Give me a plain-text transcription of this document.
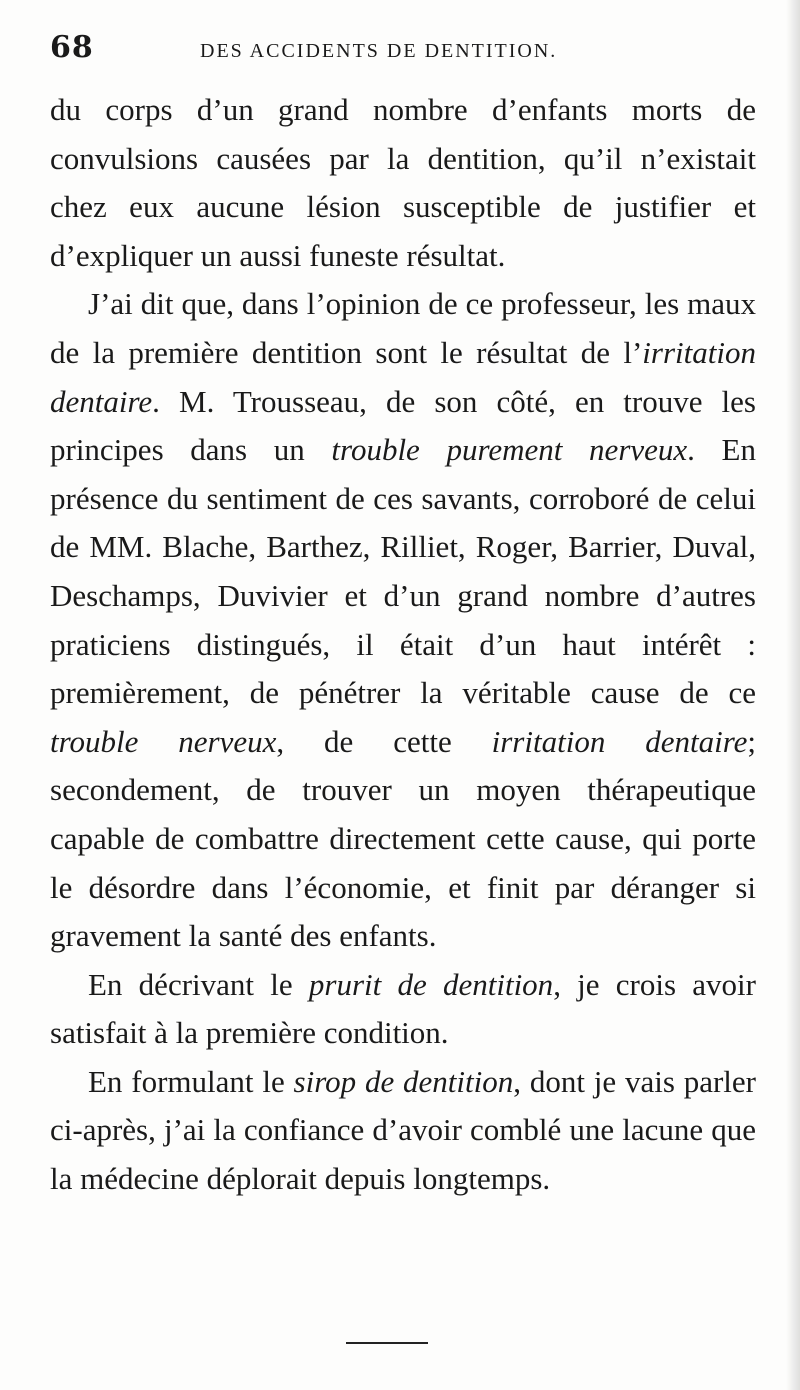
68	DES ACCIDENTS DE DENTITION.

du corps d’un grand nombre d’enfants morts de convulsions causées par la dentition, qu’il n’existait chez eux aucune lésion susceptible de justifier et d’expliquer un aussi funeste résultat.

J’ai dit que, dans l’opinion de ce professeur, les maux de la première dentition sont le résultat de l’irritation dentaire. M. Trousseau, de son côté, en trouve les principes dans un trouble purement nerveux. En présence du sentiment de ces savants, corroboré de celui de MM. Blache, Barthez, Rilliet, Roger, Barrier, Duval, Deschamps, Duvivier et d’un grand nombre d’autres praticiens distingués, il était d’un haut intérêt : premièrement, de pénétrer la véritable cause de ce trouble nerveux, de cette irritation dentaire; secondement, de trouver un moyen thérapeutique capable de combattre directement cette cause, qui porte le désordre dans l’économie, et finit par déranger si gravement la santé des enfants.

En décrivant le prurit de dentition, je crois avoir satisfait à la première condition.

En formulant le sirop de dentition, dont je vais parler ci-après, j’ai la confiance d’avoir comblé une lacune que la médecine déplorait depuis longtemps.
